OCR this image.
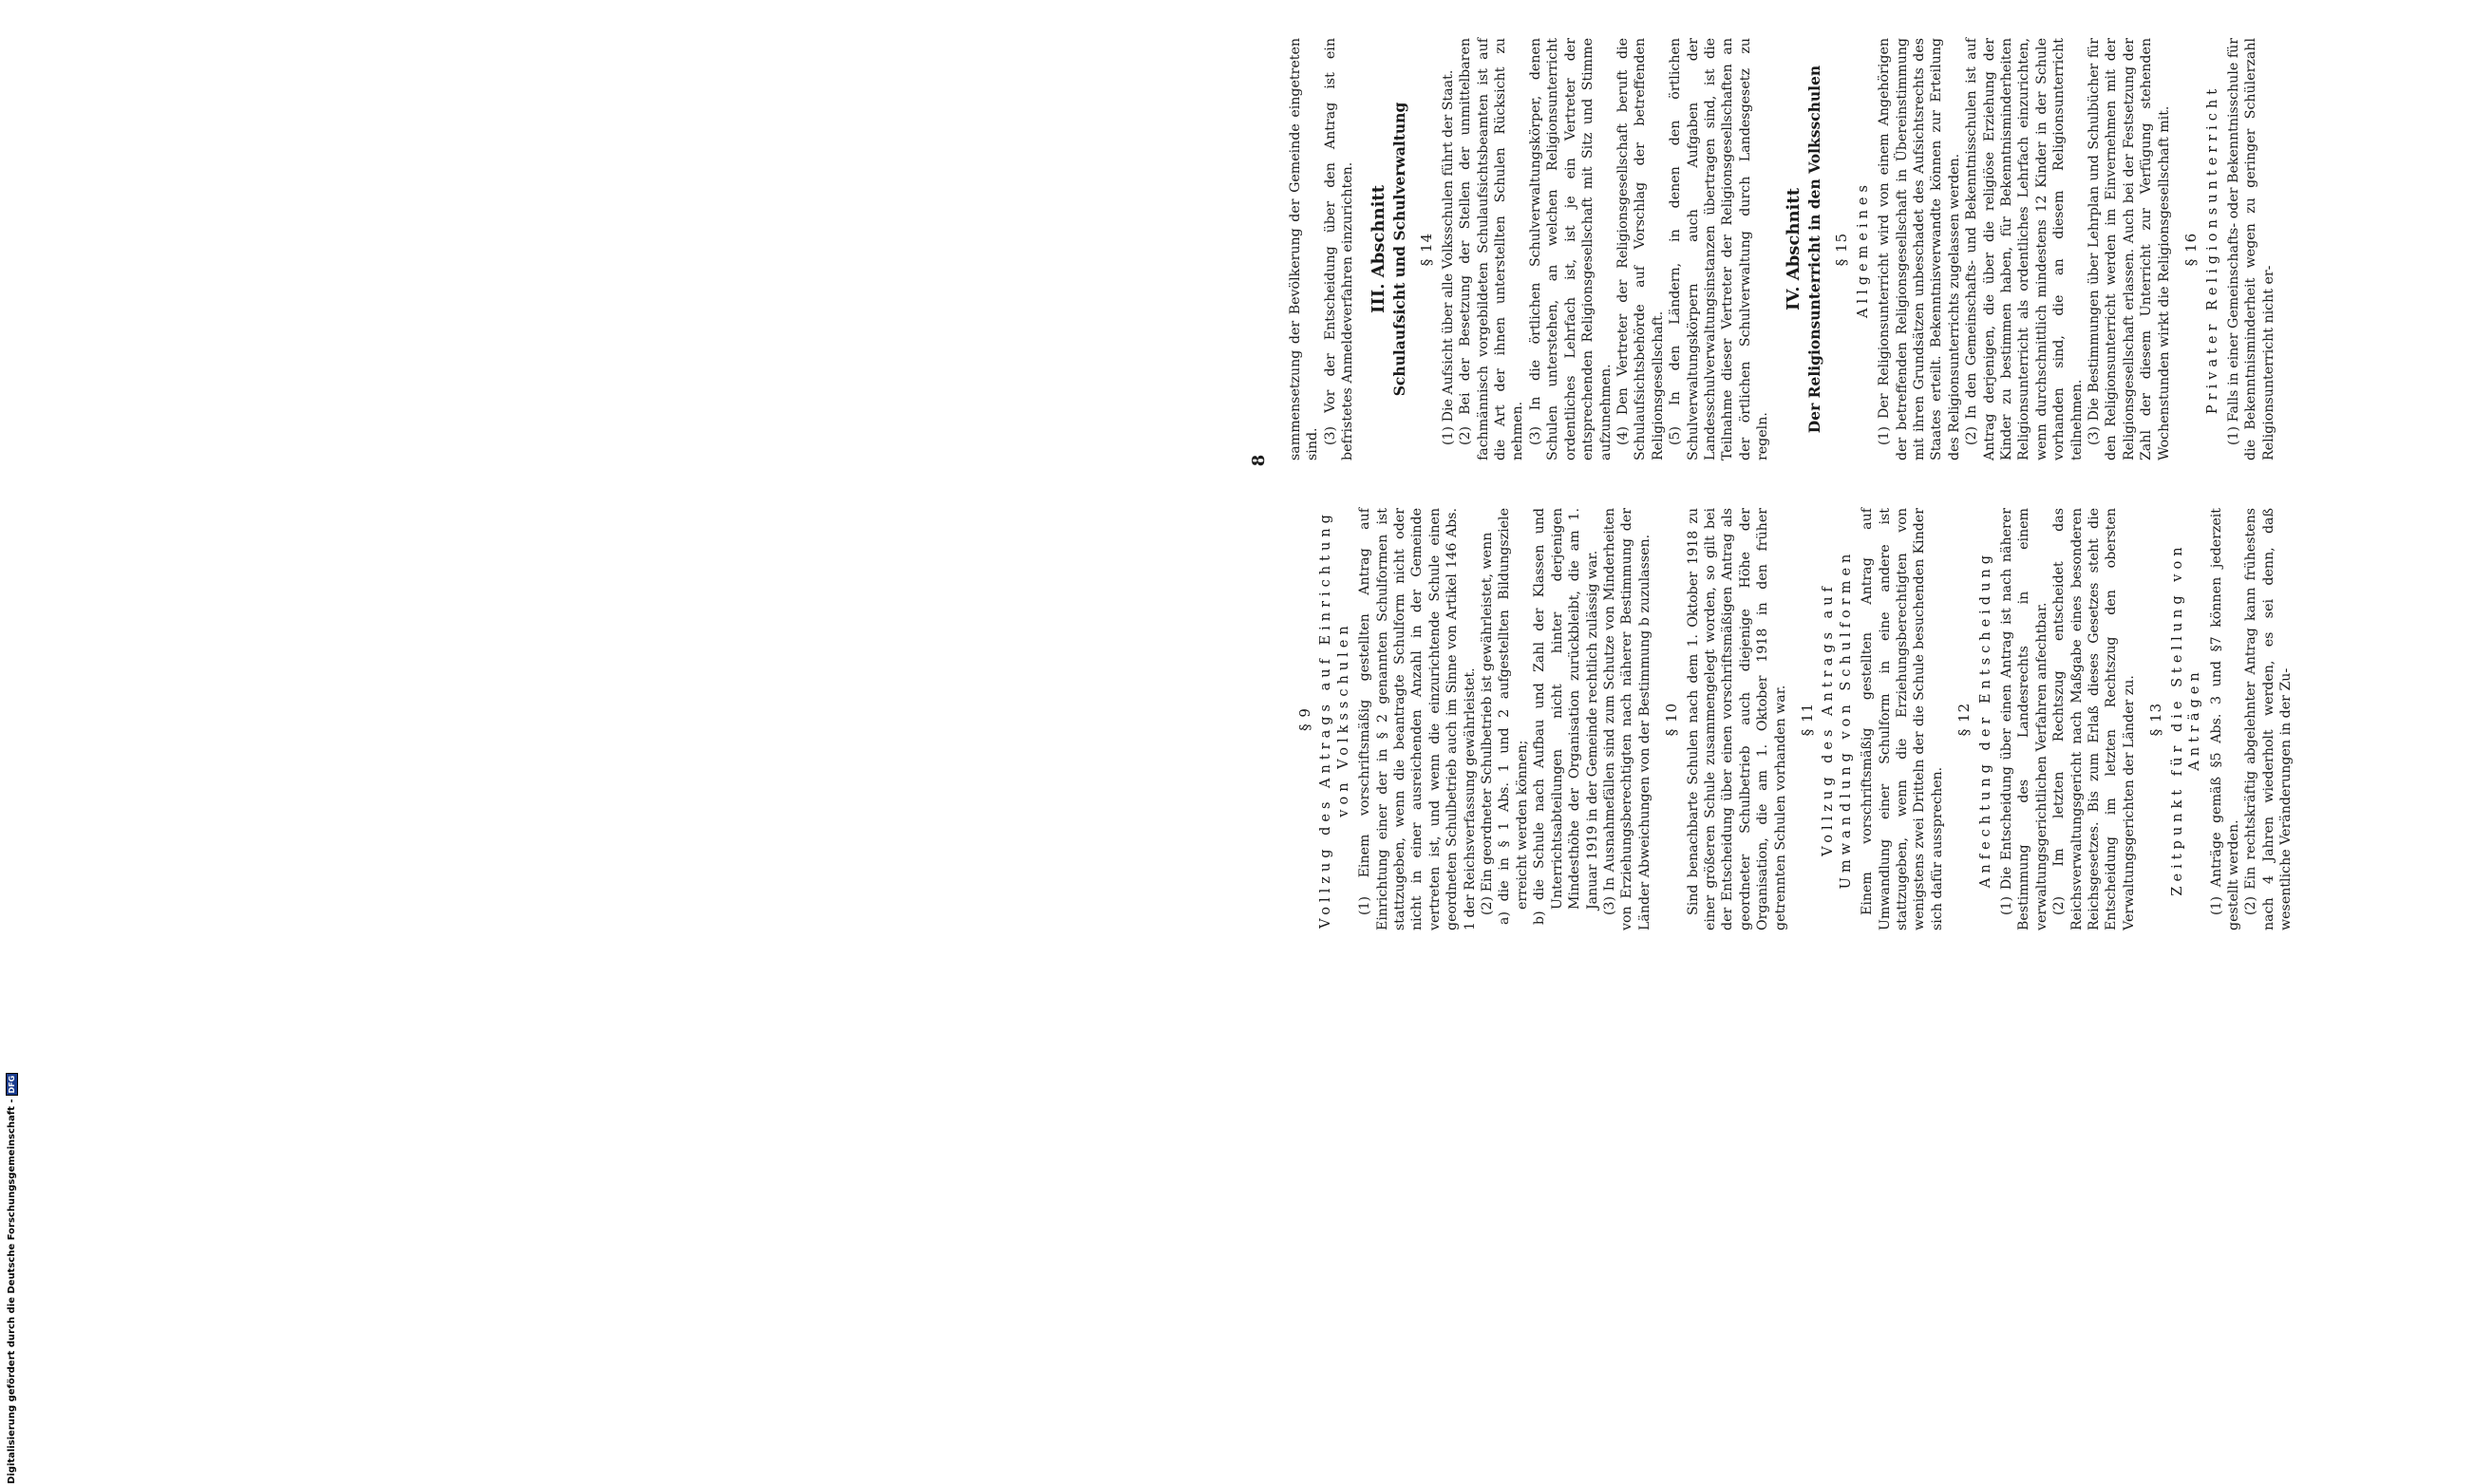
8
§ 9 Vollzug des Antrags auf Einrichtung von Volksschulen (1) Einem vorschriftsmäßig gestellten Antrag auf Einrichtung einer der in § 2 genannten Schulformen ist stattzugeben, wenn die beantragte Schulform nicht oder nicht in einer ausreichenden Anzahl in der Gemeinde vertreten ist, und wenn die einzurichtende Schule einen geordneten Schulbetrieb auch im Sinne von Artikel 146 Abs. 1 der Reichsverfassung gewährleistet. (2) Ein geordneter Schulbetrieb ist gewährleistet, wenn a) die in § 1 Abs. 1 und 2 aufgestellten Bildungsziele erreicht werden können; b) die Schule nach Aufbau und Zahl der Klassen und Unterrichtsabteilungen nicht hinter derjenigen Mindesthöhe der Organisation zurückbleibt, die am 1. Januar 1919 in der Gemeinde rechtlich zulässig war. (3) In Ausnahmefällen sind zum Schutze von Minderheiten von Erziehungsberechtigten nach näherer Bestimmung der Länder Abweichungen von der Bestimmung b zuzulassen. § 10 Sind benachbarte Schulen nach dem 1. Oktober 1918 zu einer größeren Schule zusammengelegt worden, so gilt bei der Entscheidung über einen vorschriftsmäßigen Antrag als geordneter Schulbetrieb auch diejenige Höhe der Organisation, die am 1. Oktober 1918 in den früher getrennten Schulen vorhanden war. § 11 Vollzug des Antrags auf Umwandlung von Schulformen Einem vorschriftsmäßig gestellten Antrag auf Umwandlung einer Schulform in eine andere ist stattzugeben, wenn die Erziehungsberechtigten von wenigstens zwei Dritteln der die Schule besuchenden Kinder sich dafür aussprechen.

§ 12 Anfechtung der Entscheidung (1) Die Entscheidung über einen Antrag ist nach näherer Bestimmung des Landesrechts in einem verwaltungsgerichtlichen Verfahren anfechtbar. (2) Im letzten Rechtszug entscheidet das Reichsverwaltungsgericht nach Maßgabe eines besonderen Reichsgesetzes. Bis zum Erlaß dieses Gesetzes steht die Entscheidung im letzten Rechtszug den obersten Verwaltungsgerichten der Länder zu. § 13 Zeitpunkt für die Stellung von Anträgen (1) Anträge gemäß §5 Abs. 3 und §7 können jederzeit gestellt werden. (2) Ein rechtskräftig abgelehnter Antrag kann frühestens nach 4 Jahren wiederholt werden, es sei denn, daß wesentliche Veränderungen in der Zu-

sammensetzung der Bevölkerung der Gemeinde eingetreten sind. (3) Vor der Entscheidung über den Antrag ist ein befristetes Anmeldeverfahren einzurichten. III. Abschnitt Schulaufsicht und Schulverwaltung § 14 (1) Die Aufsicht über alle Volksschulen führt der Staat. (2) Bei der Besetzung der Stellen der unmittelbaren fachmännisch vorgebildeten Schulaufsichtsbeamten ist auf die Art der ihnen unterstellten Schulen Rücksicht zu nehmen. (3) In die örtlichen Schulverwaltungskörper, denen Schulen unterstehen, an welchen Religionsunterricht ordentliches Lehrfach ist, ist je ein Vertreter der entsprechenden Religionsgesellschaft mit Sitz und Stimme aufzunehmen. (4) Den Vertreter der Religionsgesellschaft beruft die Schulaufsichtsbehörde auf Vorschlag der betreffenden Religionsgesellschaft. (5) In den Ländern, in denen den örtlichen Schulverwaltungskörpern auch Aufgaben der Landesschulverwaltungsinstanzen übertragen sind, ist die Teilnahme dieser Vertreter der Religionsgesellschaften an der örtlichen Schulverwaltung durch Landesgesetz zu regeln.

IV. Abschnitt Der Religionsunterricht in den Volksschulen § 15 Allgemeines (1) Der Religionsunterricht wird von einem Angehörigen der betreffenden Religionsgesellschaft in Übereinstimmung mit ihren Grundsätzen unbeschadet des Aufsichtsrechts des Staates erteilt. Bekenntnisverwandte können zur Erteilung des Religionsunterrichts zugelassen werden. (2) In den Gemeinschafts- und Bekenntnisschulen ist auf Antrag derjenigen, die über die religiöse Erziehung der Kinder zu bestimmen haben, für Bekenntnisminderheiten Religionsunterricht als ordentliches Lehrfach einzurichten, wenn durchschnittlich mindestens 12 Kinder in der Schule vorhanden sind, die an diesem Religionsunterricht teilnehmen. (3) Die Bestimmungen über Lehrplan und Schulbücher für den Religionsunterricht werden im Einvernehmen mit der Religionsgesellschaft erlassen. Auch bei der Festsetzung der Zahl der diesem Unterricht zur Verfügung stehenden Wochenstunden wirkt die Religionsgesellschaft mit. § 16 Privater Religionsunterricht (1) Falls in einer Gemeinschafts- oder Bekenntnisschule für die Bekenntnisminderheit wegen zu geringer Schülerzahl Religionsunterricht nicht er-

Digitalisierung gefördert durch die Deutsche Forschungsgemeinschaft -DFG
